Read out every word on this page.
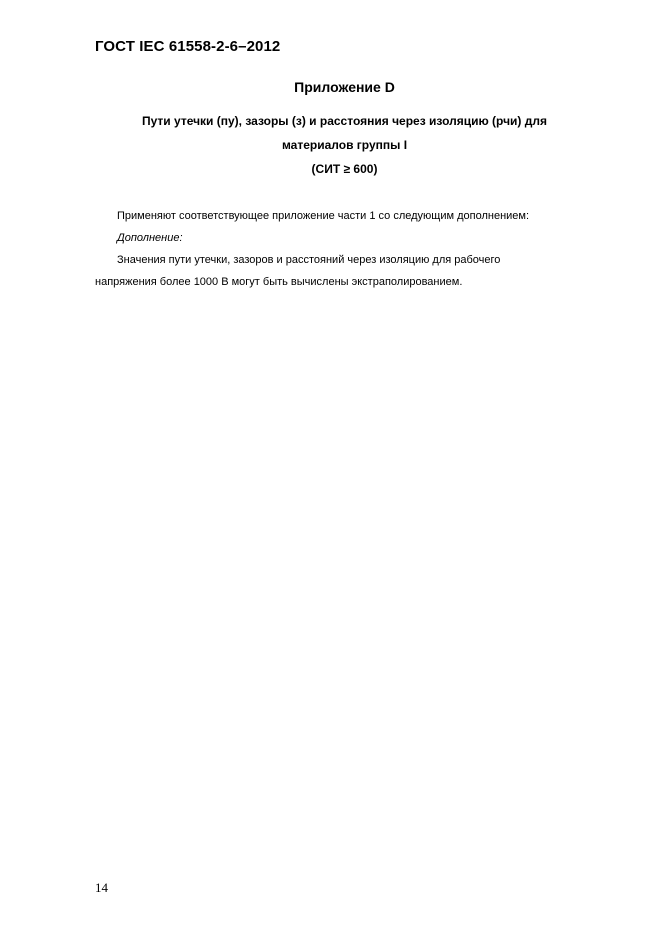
ГОСТ IEC 61558-2-6–2012
Приложение D
Пути утечки (пу), зазоры (з) и расстояния через изоляцию (рчи) для
материалов группы I
(СИТ ≥ 600)
Применяют соответствующее приложение части 1 со следующим дополнением:
Дополнение:
Значения пути утечки, зазоров и расстояний через изоляцию для рабочего
напряжения более 1000 В могут быть вычислены экстраполированием.
14
